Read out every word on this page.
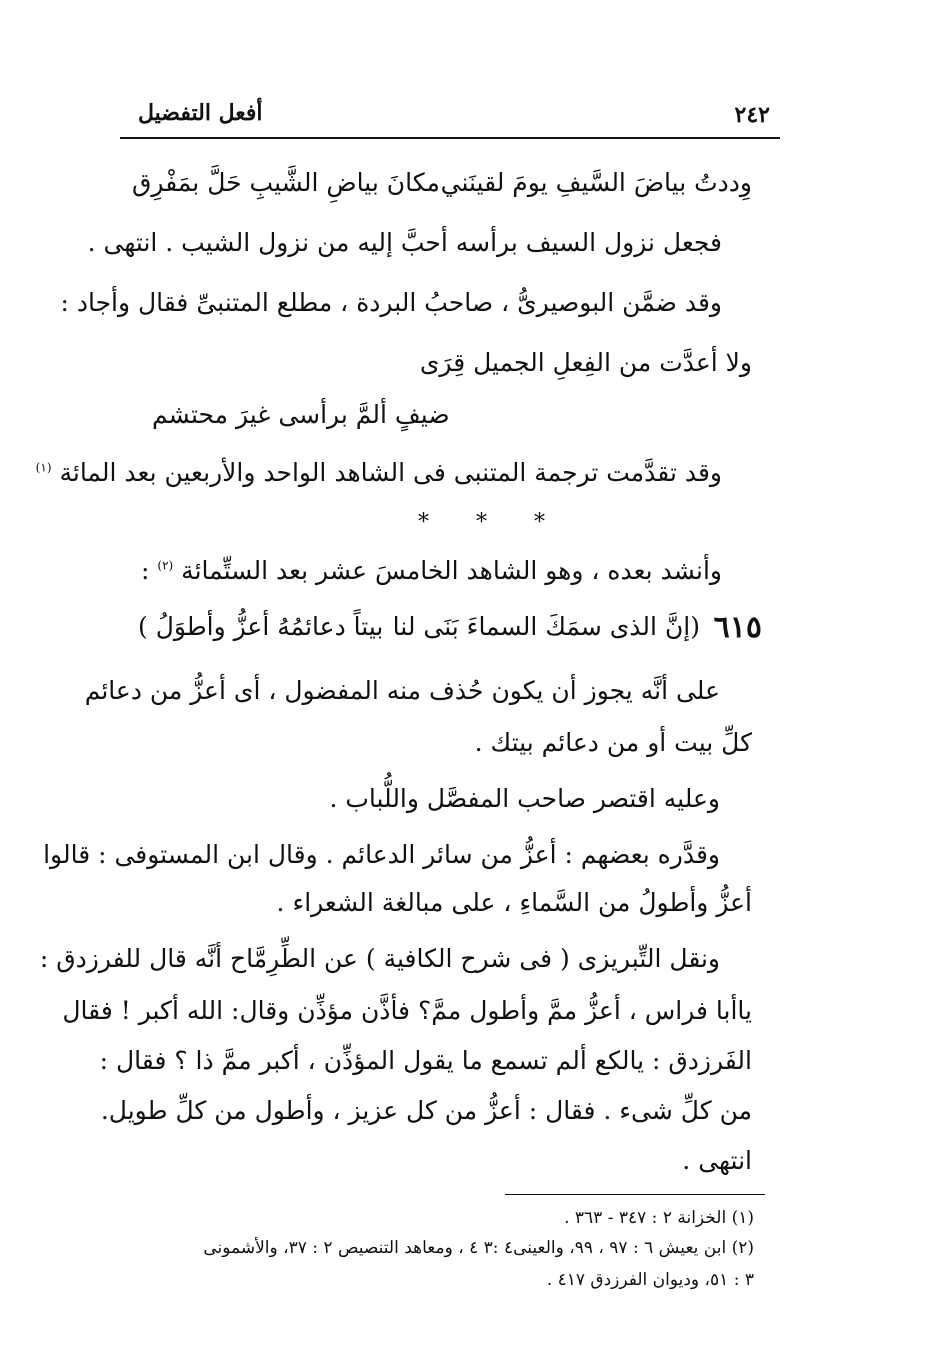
٢٤٢
أفعل التفضيل
وِددتُ بياضَ السَّيفِ يومَ لقينَني
مكانَ بياضِ الشَّيبِ حَلَّ بمَفْرِق
فجعل نزول السيف برأسه أحبَّ إليه من نزول الشيب . انتهى .
وقد ضمَّن البوصيرىُّ ، صاحبُ البردة ، مطلع المتنبىِّ فقال وأجاد :
ولا أعدَّت من الفِعلِ الجميل قِرَى
ضيفٍ ألمَّ برأسى غيرَ محتشم
وقد تقدَّمت ترجمة المتنبى فى الشاهد الواحد والأربعين بعد المائة $^{(١)}$
* * *
وأنشد بعده ، وهو الشاهد الخامسَ عشر بعد الستِّمائة $^{(٢)}$ :
٦١٥
(إنَّ الذى سمَكَ السماءَ بَنَى لنا
بيتاً دعائمُهُ أعزُّ وأطوَلُ )
على أنَّه يجوز أن يكون حُذف منه المفضول ، أى أعزُّ من دعائم
كلِّ بيت أو من دعائم بيتك .
وعليه اقتصر صاحب المفصَّل واللُّباب .
وقدَّره بعضهم : أعزُّ من سائر الدعائم . وقال ابن المستوفى : قالوا
أعزُّ وأطولُ من السَّماءِ ، على مبالغة الشعراء .
ونقل التِّبريزى ( فى شرح الكافية ) عن الطِّرِمَّاح أنَّه قال للفرزدق :
ياأبا فراس ، أعزُّ ممَّ وأطول ممَّ؟ فأذَّن مؤذِّن وقال: الله أكبر ! فقال
الفَرزدق : يالكع ألم تسمع ما يقول المؤذِّن ، أكبر ممَّ ذا ؟ فقال :
من كلِّ شىء . فقال : أعزُّ من كل عزيز ، وأطول من كلِّ طويل.
انتهى .
(١) الخزانة ٢ : ٣٤٧ - ٣٦٣ .
(٢) ابن يعيش ٦ : ٩٧ ، ٩٩، والعينى٤ :٣ ٤ ، ومعاهد التنصيص ٢ : ٣٧، والأشمونى
٣ : ٥١، وديوان الفرزدق ٤١٧ .
